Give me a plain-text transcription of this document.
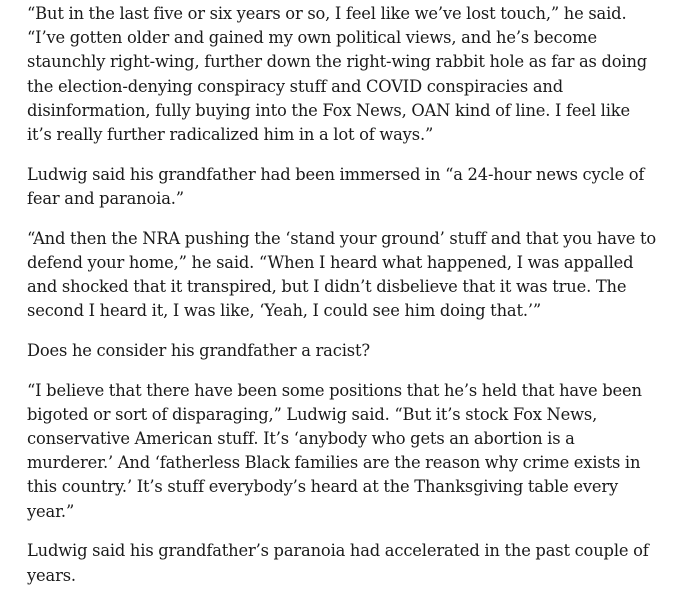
“But in the last five or six years or so, I feel like we’ve lost touch,” he said. “I’ve gotten older and gained my own political views, and he’s become staunchly right-wing, further down the right-wing rabbit hole as far as doing the election-denying conspiracy stuff and COVID conspiracies and disinformation, fully buying into the Fox News, OAN kind of line. I feel like it’s really further radicalized him in a lot of ways.”

Ludwig said his grandfather had been immersed in “a 24-hour news cycle of fear and paranoia.”

“And then the NRA pushing the ‘stand your ground’ stuff and that you have to defend your home,” he said. “When I heard what happened, I was appalled and shocked that it transpired, but I didn’t disbelieve that it was true. The second I heard it, I was like, ‘Yeah, I could see him doing that.’”

Does he consider his grandfather a racist?

“I believe that there have been some positions that he’s held that have been bigoted or sort of disparaging,” Ludwig said. “But it’s stock Fox News, conservative American stuff. It’s ‘anybody who gets an abortion is a murderer.’ And ‘fatherless Black families are the reason why crime exists in this country.’ It’s stuff everybody’s heard at the Thanksgiving table every year.”

Ludwig said his grandfather’s paranoia had accelerated in the past couple of years.
